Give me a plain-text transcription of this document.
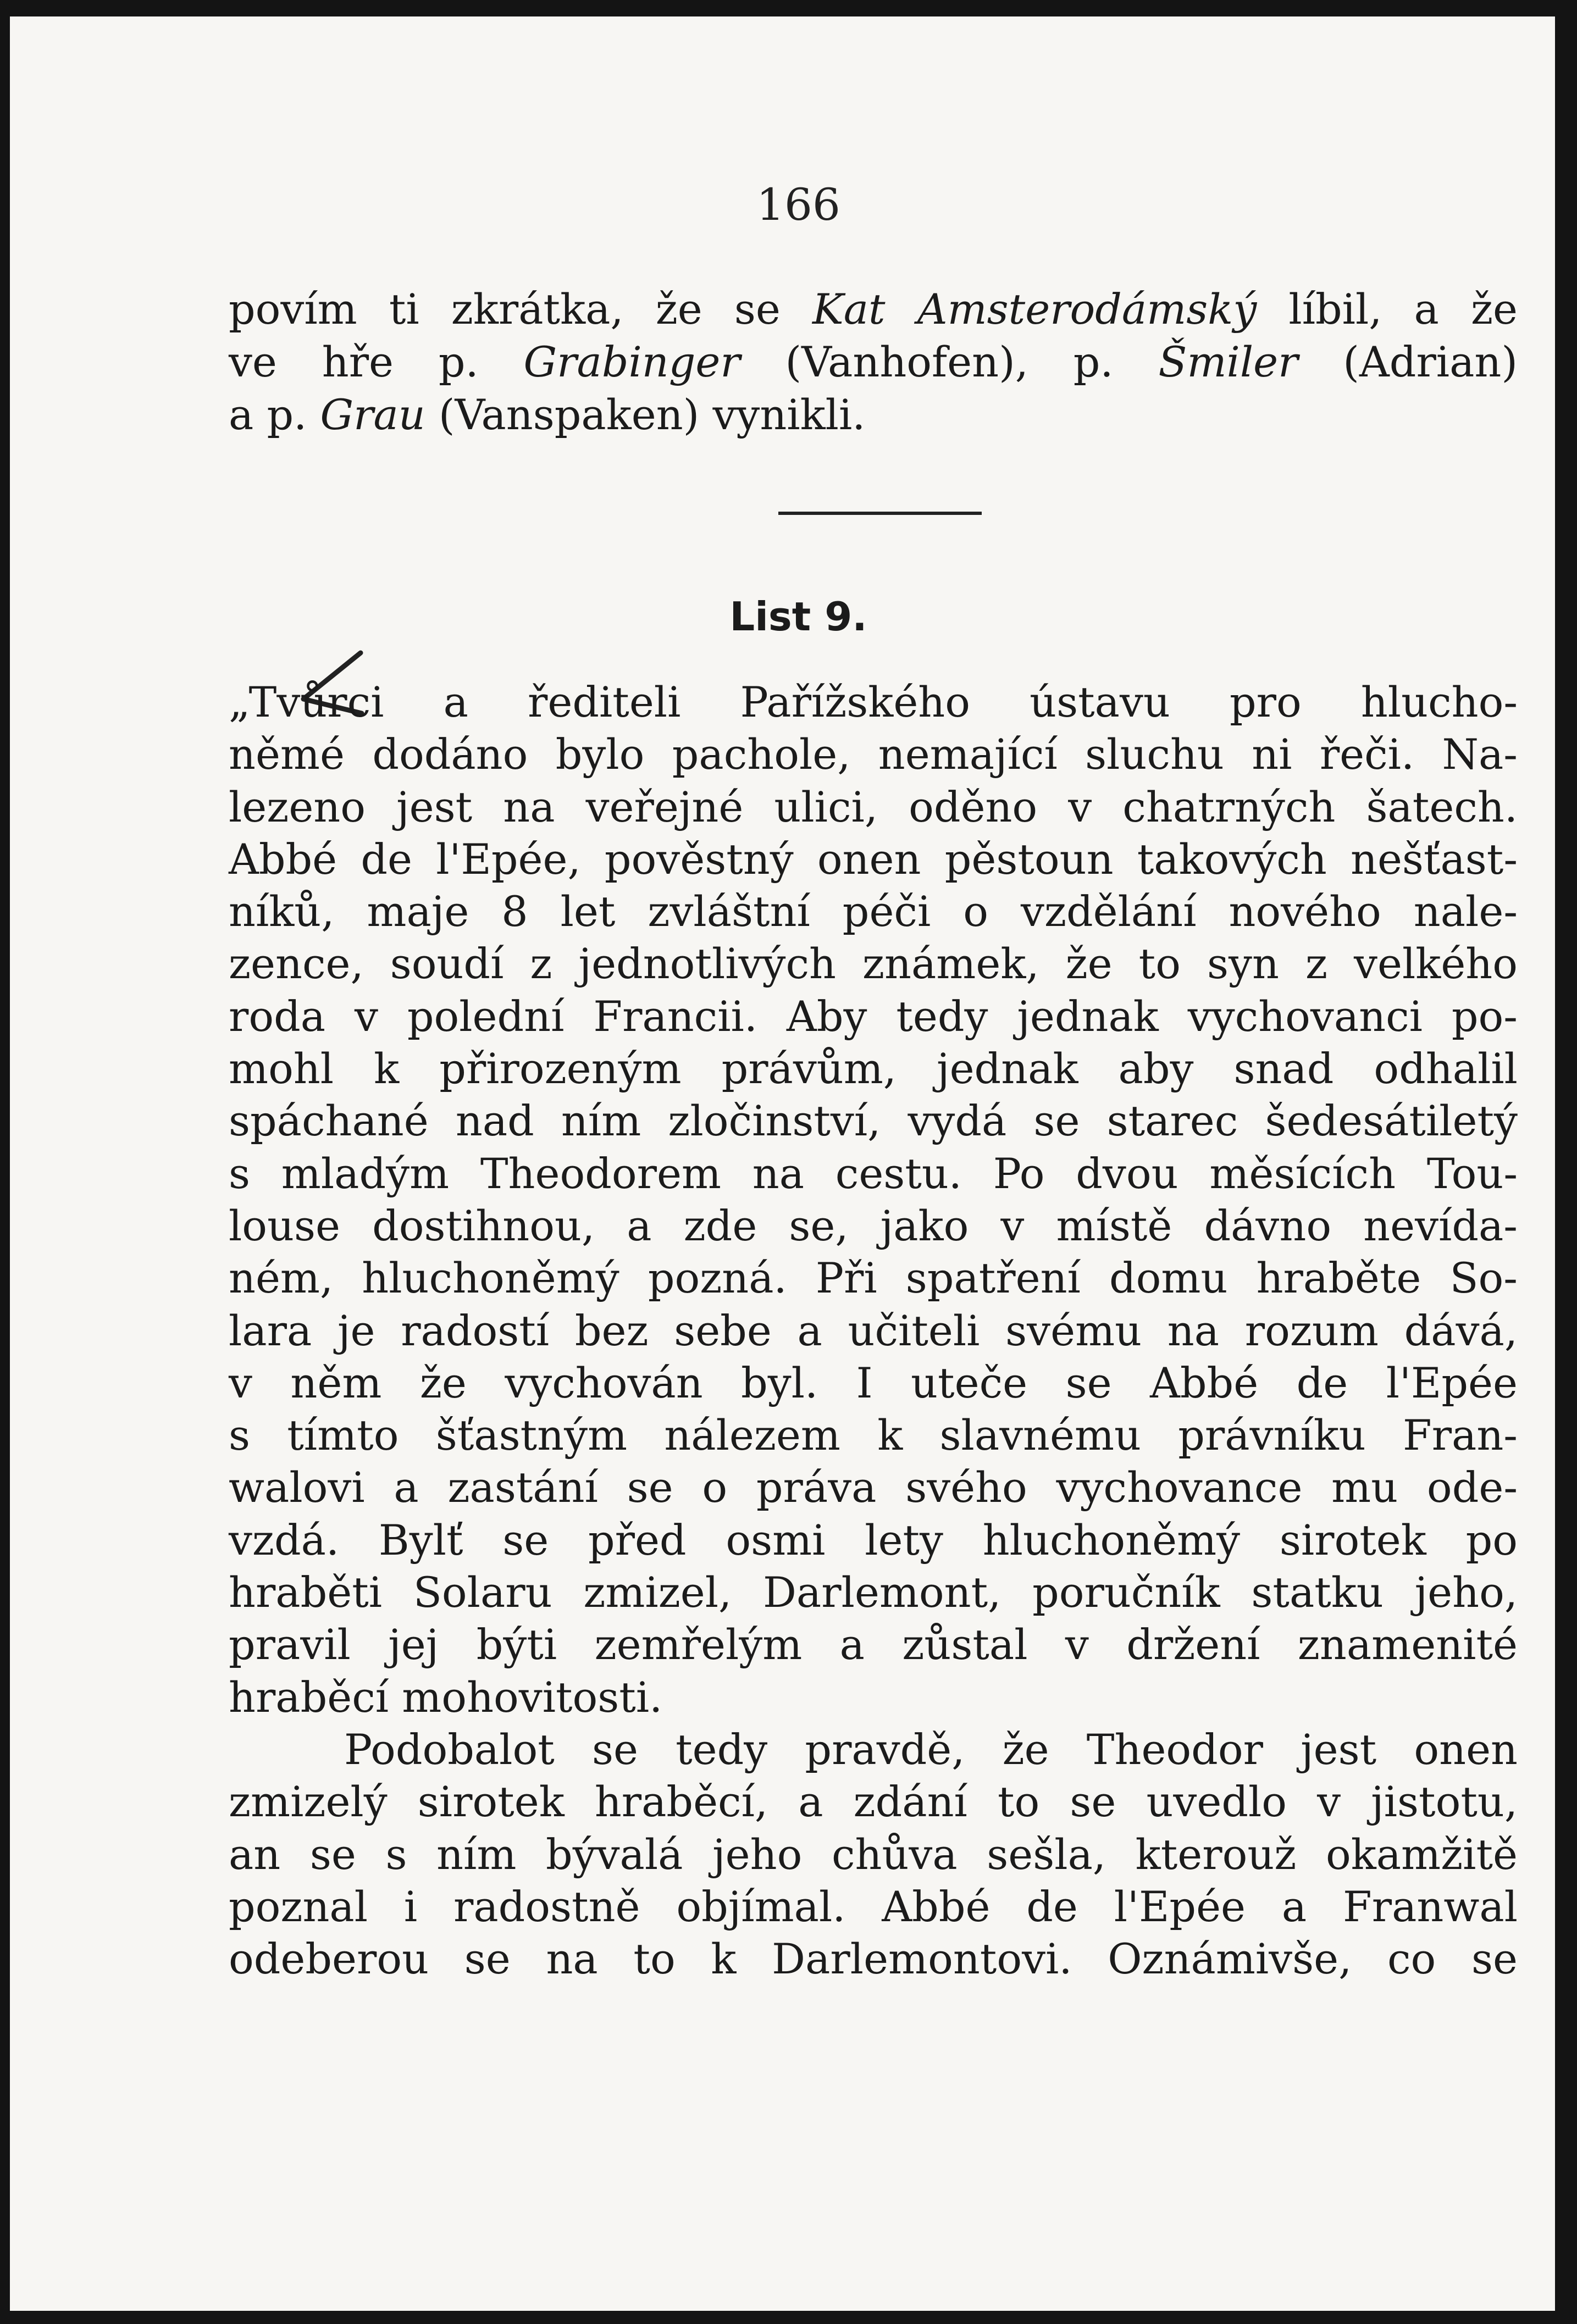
166

povím ti zkrátka, že se Kat Amsterodámský líbil, a že

ve hře p. Grabinger (Vanhofen), p. Šmiler (Adrian)

a p. Grau (Vanspaken) vynikli.

List 9.

„Tvůrci a řediteli Pařížského ústavu pro hlucho-

němé dodáno bylo pachole, nemající sluchu ni řeči. Na-

lezeno jest na veřejné ulici, oděno v chatrných šatech.

Abbé de l'Epée, pověstný onen pěstoun takových nešťast-

níků, maje 8 let zvláštní péči o vzdělání nového nale-

zence, soudí z jednotlivých známek, že to syn z velkého

roda v polední Francii. Aby tedy jednak vychovanci po-

mohl k přirozeným právům, jednak aby snad odhalil

spáchané nad ním zločinství, vydá se starec šedesátiletý

s mladým Theodorem na cestu. Po dvou měsících Tou-

louse dostihnou, a zde se, jako v místě dávno nevída-

ném, hluchoněmý pozná. Při spatření domu hraběte So-

lara je radostí bez sebe a učiteli svému na rozum dává,

v něm že vychován byl. I uteče se Abbé de l'Epée

s tímto šťastným nálezem k slavnému právníku Fran-

walovi a zastání se o práva svého vychovance mu ode-

vzdá. Bylť se před osmi lety hluchoněmý sirotek po

hraběti Solaru zmizel, Darlemont, poručník statku jeho,

pravil jej býti zemřelým a zůstal v držení znamenité

hraběcí mohovitosti.

Podobalot se tedy pravdě, že Theodor jest onen

zmizelý sirotek hraběcí, a zdání to se uvedlo v jistotu,

an se s ním bývalá jeho chůva sešla, kterouž okamžitě

poznal i radostně objímal. Abbé de l'Epée a Franwal

odeberou se na to k Darlemontovi. Oznámivše, co se
